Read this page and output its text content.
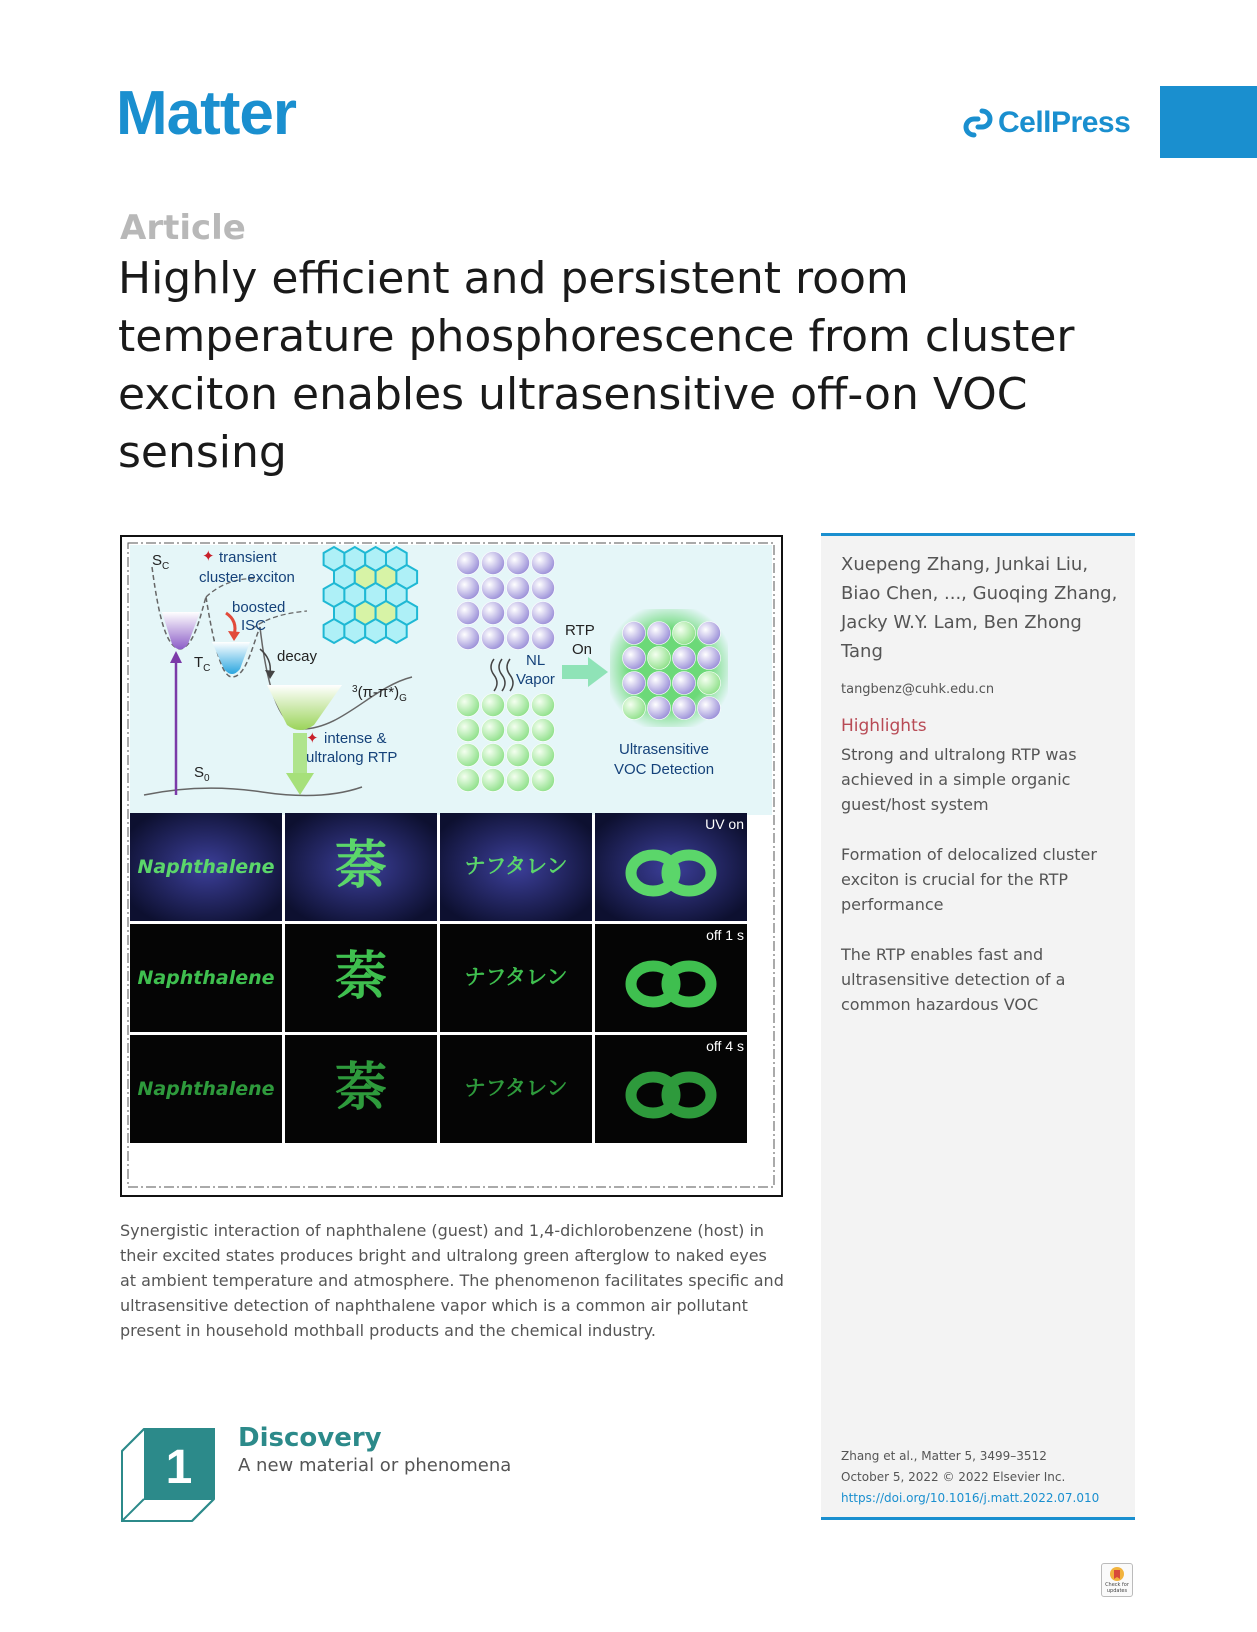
Matter	CellPress
Article
Highly efficient and persistent room temperature phosphorescence from cluster exciton enables ultrasensitive off-on VOC sensing
$S_C$
✦ transient
cluster exciton
boosted
ISC
$T_C$
decay
$^3(\pi-\pi*)_G$
✦ intense &
ultralong RTP
$S_0$
NL
Vapor
RTP
On
Ultrasensitive
VOC Detection
Naphthalene 萘	ナフタレン
UV on
Naphthalene 萘	ナフタレン
off 1 s
Naphthalene 萘	ナフタレン
off 4 s

Synergistic interaction of naphthalene (guest) and 1,4-dichlorobenzene (host) in their excited states produces bright and ultralong green afterglow to naked eyes at ambient temperature and atmosphere. The phenomenon facilitates specific and ultrasensitive detection of naphthalene vapor which is a common air pollutant present in household mothball products and the chemical industry.

Xuepeng Zhang, Junkai Liu, Biao Chen, ..., Guoqing Zhang, Jacky W.Y. Lam, Ben Zhong Tang

tangbenz@cuhk.edu.cn
Highlights
Strong and ultralong RTP was achieved in a simple organic guest/host system
Formation of delocalized cluster exciton is crucial for the RTP performance
The RTP enables fast and ultrasensitive detection of a common hazardous VOC
Zhang et al., Matter 5, 3499–3512
October 5, 2022 © 2022 Elsevier Inc.
https://doi.org/10.1016/j.matt.2022.07.010
1
Discovery
A new material or phenomena
Check for updates
